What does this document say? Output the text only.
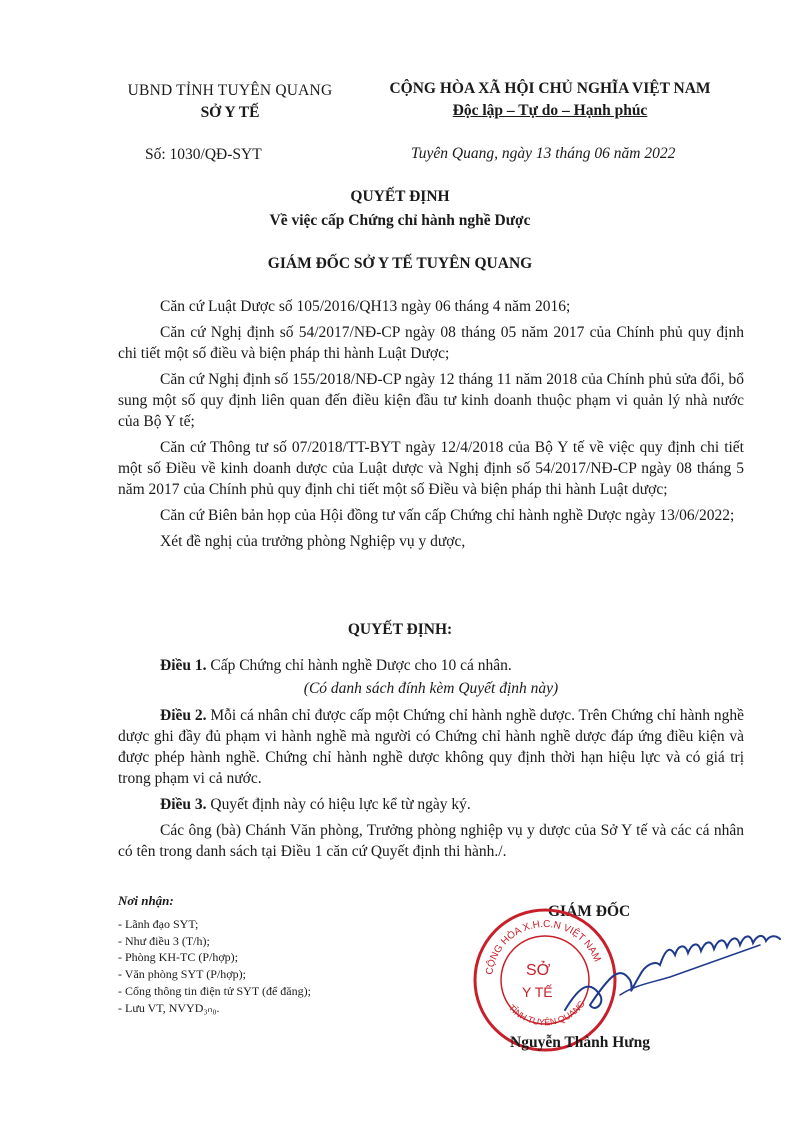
UBND TỈNH TUYÊN QUANG
SỞ Y TẾ
CỘNG HÒA XÃ HỘI CHỦ NGHĨA VIỆT NAM
Độc lập – Tự do – Hạnh phúc
Số: 1030/QĐ-SYT	Tuyên Quang, ngày 13 tháng 06 năm 2022
QUYẾT ĐỊNH
Về việc cấp Chứng chỉ hành nghề Dược
GIÁM ĐỐC SỞ Y TẾ TUYÊN QUANG

Căn cứ Luật Dược số 105/2016/QH13 ngày 06 tháng 4 năm 2016;

Căn cứ Nghị định số 54/2017/NĐ-CP ngày 08 tháng 05 năm 2017 của Chính phủ quy định chi tiết một số điều và biện pháp thi hành Luật Dược;

Căn cứ Nghị định số 155/2018/NĐ-CP ngày 12 tháng 11 năm 2018 của Chính phủ sửa đổi, bổ sung một số quy định liên quan đến điều kiện đầu tư kinh doanh thuộc phạm vi quản lý nhà nước của Bộ Y tế;

Căn cứ Thông tư số 07/2018/TT-BYT ngày 12/4/2018 của Bộ Y tế về việc quy định chi tiết một số Điều về kinh doanh dược của Luật dược và Nghị định số 54/2017/NĐ-CP ngày 08 tháng 5 năm 2017 của Chính phủ quy định chi tiết một số Điều và biện pháp thi hành Luật dược;

Căn cứ Biên bản họp của Hội đồng tư vấn cấp Chứng chỉ hành nghề Dược ngày 13/06/2022;

Xét đề nghị của trưởng phòng Nghiệp vụ y dược,

QUYẾT ĐỊNH:

Điều 1. Cấp Chứng chỉ hành nghề Dược cho 10 cá nhân.

(Có danh sách đính kèm Quyết định này)

Điều 2. Mỗi cá nhân chỉ được cấp một Chứng chỉ hành nghề dược. Trên Chứng chỉ hành nghề dược ghi đầy đủ phạm vi hành nghề mà người có Chứng chỉ hành nghề dược đáp ứng điều kiện và được phép hành nghề. Chứng chỉ hành nghề dược không quy định thời hạn hiệu lực và có giá trị trong phạm vi cả nước.

Điều 3. Quyết định này có hiệu lực kể từ ngày ký.

Các ông (bà) Chánh Văn phòng, Trưởng phòng nghiệp vụ y dược của Sở Y tế và các cá nhân có tên trong danh sách tại Điều 1 căn cứ Quyết định thi hành./.

Nơi nhận:
- Lãnh đạo SYT;
- Như điều 3 (T/h);
- Phòng KH-TC (P/hợp);
- Văn phòng SYT (P/hợp);
- Cổng thông tin điện tử SYT (để đăng);
- Lưu VT, NVYD₃ₙ₀.
GIÁM ĐỐC
CỘNG HÒA X.H.C.N VIỆT NAM
TỈNH TUYÊN QUANG
SỞ
Y TẾ
Nguyễn Thành Hưng
